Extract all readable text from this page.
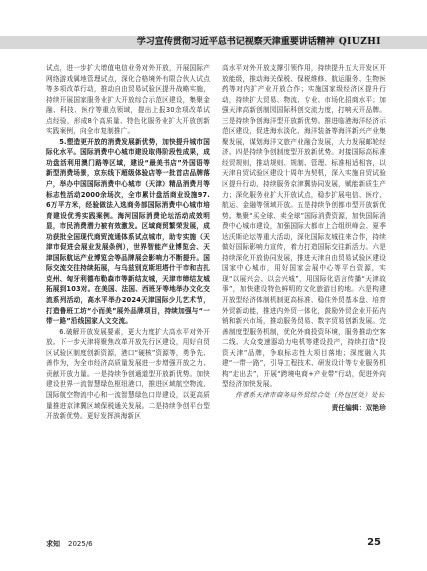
学习宣传贯彻习近平总书记视察天津重要讲话精神 QIUZHI

试点，进一步扩大增值电信业务对外开放，开展国际产网络游戏属地管理试点，深化合格境外有限合伙人试点等多项改革行动，推动自由贸易试验区提升战略实施，持续开展国家服务业扩大开放综合示范区建设，集聚金融、科技、医疗等重点领域，提出上报30余项改革试点经验，形成8个高质量、特色化服务业扩大开放创新实践案例，向全市复制推广。

5.塑造更开放的消费发展新优势，加快提升城市国际化水平。国际消费中心城市建设取得阶段性成果，成功盘活利用澳门路等区域，建设“最美书店”外国语等新型消费场景，京东线下超级体验店等一批首店品牌落户，举办中国国际消费中心城市（天津）精品消费月等标志性活动2000余场次，全市累计盘活商业设施97.6万平方米，经验做法入选商务部国际消费中心城市培育建设优秀实践案例。海河国际消费论坛活动成效明显，市民消费潜力被有效激发。区域商贸繁荣发展，成功获批全国现代商贸流通体系试点城市，助专实施（天津市促进会展业发展条例），世界智能产业博览会、天津国际航运产业博览会等品牌展会影响力不断提升。国际交流交往持续拓展，与乌兹别克斯坦塔什干市和吉扎克州、匈牙利德布勒森市等新结友城，天津市缔结友城拓展到103对。在美国、法国、西班牙等地举办文化交流系列活动，高水平举办2024天津国际少儿艺术节，打造鲁班工坊“小而美”展外品牌项目，持续加强与“一带一路”沿线国家人文交流。

6.破解开放发展要素，更大力度扩大高水平对外开放。下一步天津将聚焦改革开放先行区建设，用好自贸区试验区制度创新资源，港口“硬核”资源等，勇争先、善作为，为全市经济高质量发展进一步增强开放之力、贡献开放力量。一是持续争创通道型开放新优势。加快建设世界一流智慧绿色枢纽港口，推进区域航空物流、国际航空物流中心和一流智慧绿色口岸建设，以更高质量推进京津冀区域保税通关发展。二是持续争创平台型开放新优势。更好发挥滨海新区

高水平对外开放支撑引领作用，持续提升五大开发区开放能级，推动海关保税、保税维修、航运服务、生物医药等对内扩产业开放合作；实施国家级经济区提升行动，持续扩大贸易、物流、专业、市场化招商水平；加强天津高新创制园国际科创交流力度，打响天开品牌。三是持续争创海洋型开放新优势。推进临港海洋经济示范区建设，促进海水淡化、海洋装备等海洋新兴产业集聚发展，谋划海洋文旅产业融合发展，大力发展邮轮经济。四是持续争创制度型开放新优势。对接国际高标准经贸规则，推动规则、规制、管理、标准相适相容，以天津自贸试验区建设十周年为契机，深入实施自贸试验区提升行动，持续服务京津冀协同发展，赋能新质生产力；深化服务业扩大开放试点，稳步扩展电信、医疗、航运、金融等领域开放。五是持续争创都市型开放新优势。集聚“买全球、卖全球”国际消费资源，加快国际消费中心城市建设，加强国际大都市上合组织峰会、夏季达沃斯论坛等重大活动，深化国际友城往来合作，持续做好国际影响力宣传，着力打造国际交往新活力。六是持续深化开放协同发展，推进天津自由贸易试验区建设国家中心城市，用好国家会展中心等平台资源，实现“以展兴会、以会兴城”，用国际化语言传播“天津故事”，加快建设特色鲜明的文化旅游目的地。六是构建开放型经济体制机制更高标准、稳住外贸基本盘、培育外贸新动能，推进内外贸一体化，鼓励外贸企业开拓内销和新兴市场，推动服务贸易、数字贸易创新发展。完善制度型服务机制，优化外商投资环境，服务推动空客二线、大众变速器动力电机等建设投产，持续打造“投资天津”品牌，争取标志性大项目落地；深度融入共建“一带一路”，引导工程技术、研发设计等专业服务机构“走出去”，开展“跨境电商+产业带”行动，促进外向型经济加快发展。

作者系天津市商务局外贸综合处（外包区处）处长

责任编辑：双艳珍

求知 2025/6	25
